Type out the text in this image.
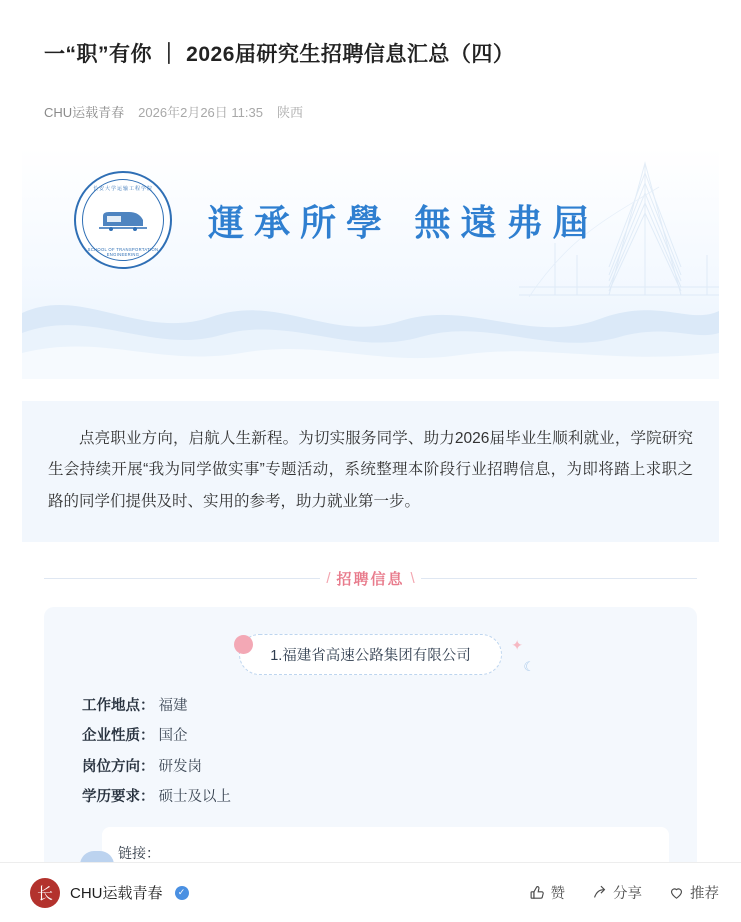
一“职”有你 ｜ 2026届研究生招聘信息汇总（四）
CHU运载青春 2026年2月26日 11:35 陕西
长安大学运输工程学院
SCHOOL OF TRANSPORTATION ENGINEERING
運承所學 無遠弗屆
点亮职业方向，启航人生新程。为切实服务同学、助力2026届毕业生顺利就业，学院研究生会持续开展“我为同学做实事”专题活动，系统整理本阶段行业招聘信息，为即将踏上求职之路的同学们提供及时、实用的参考，助力就业第一步。
/ 招聘信息 \
1.福建省高速公路集团有限公司
✦
☾
工作地点： 福建
企业性质： 国企
岗位方向： 研发岗
学历要求： 硕士及以上
链接：
长	CHU运载青春	✓	赞	分享	推荐
